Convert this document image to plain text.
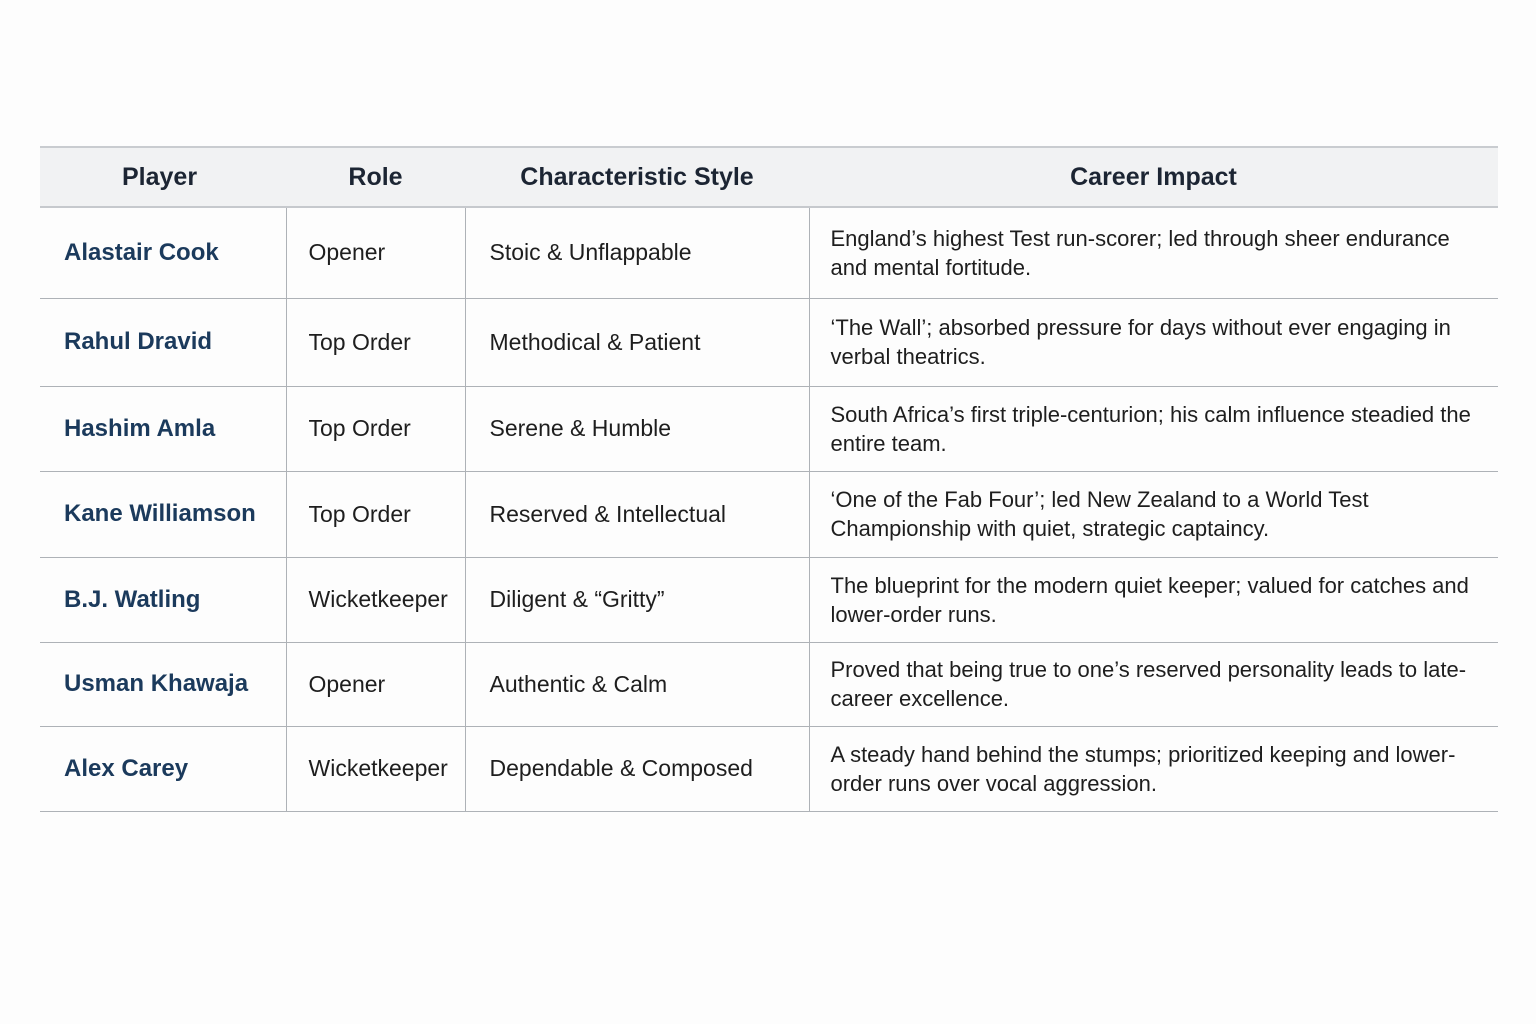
Player	Role	Characteristic Style	Career Impact
Alastair Cook	Opener	Stoic & Unflappable	England’s highest Test run-scorer; led through sheer endurance and mental fortitude.
Rahul Dravid	Top Order	Methodical & Patient	‘The Wall’; absorbed pressure for days without ever engaging in verbal theatrics.
Hashim Amla	Top Order	Serene & Humble	South Africa’s first triple-centurion; his calm influence steadied the entire team.
Kane Williamson	Top Order	Reserved & Intellectual	‘One of the Fab Four’; led New Zealand to a World Test Championship with quiet, strategic captaincy.
B.J. Watling	Wicketkeeper	Diligent & “Gritty”	The blueprint for the modern quiet keeper; valued for catches and lower-order runs.
Usman Khawaja	Opener	Authentic & Calm	Proved that being true to one’s reserved personality leads to late-career excellence.
Alex Carey	Wicketkeeper	Dependable & Composed	A steady hand behind the stumps; prioritized keeping and lower-order runs over vocal aggression.
